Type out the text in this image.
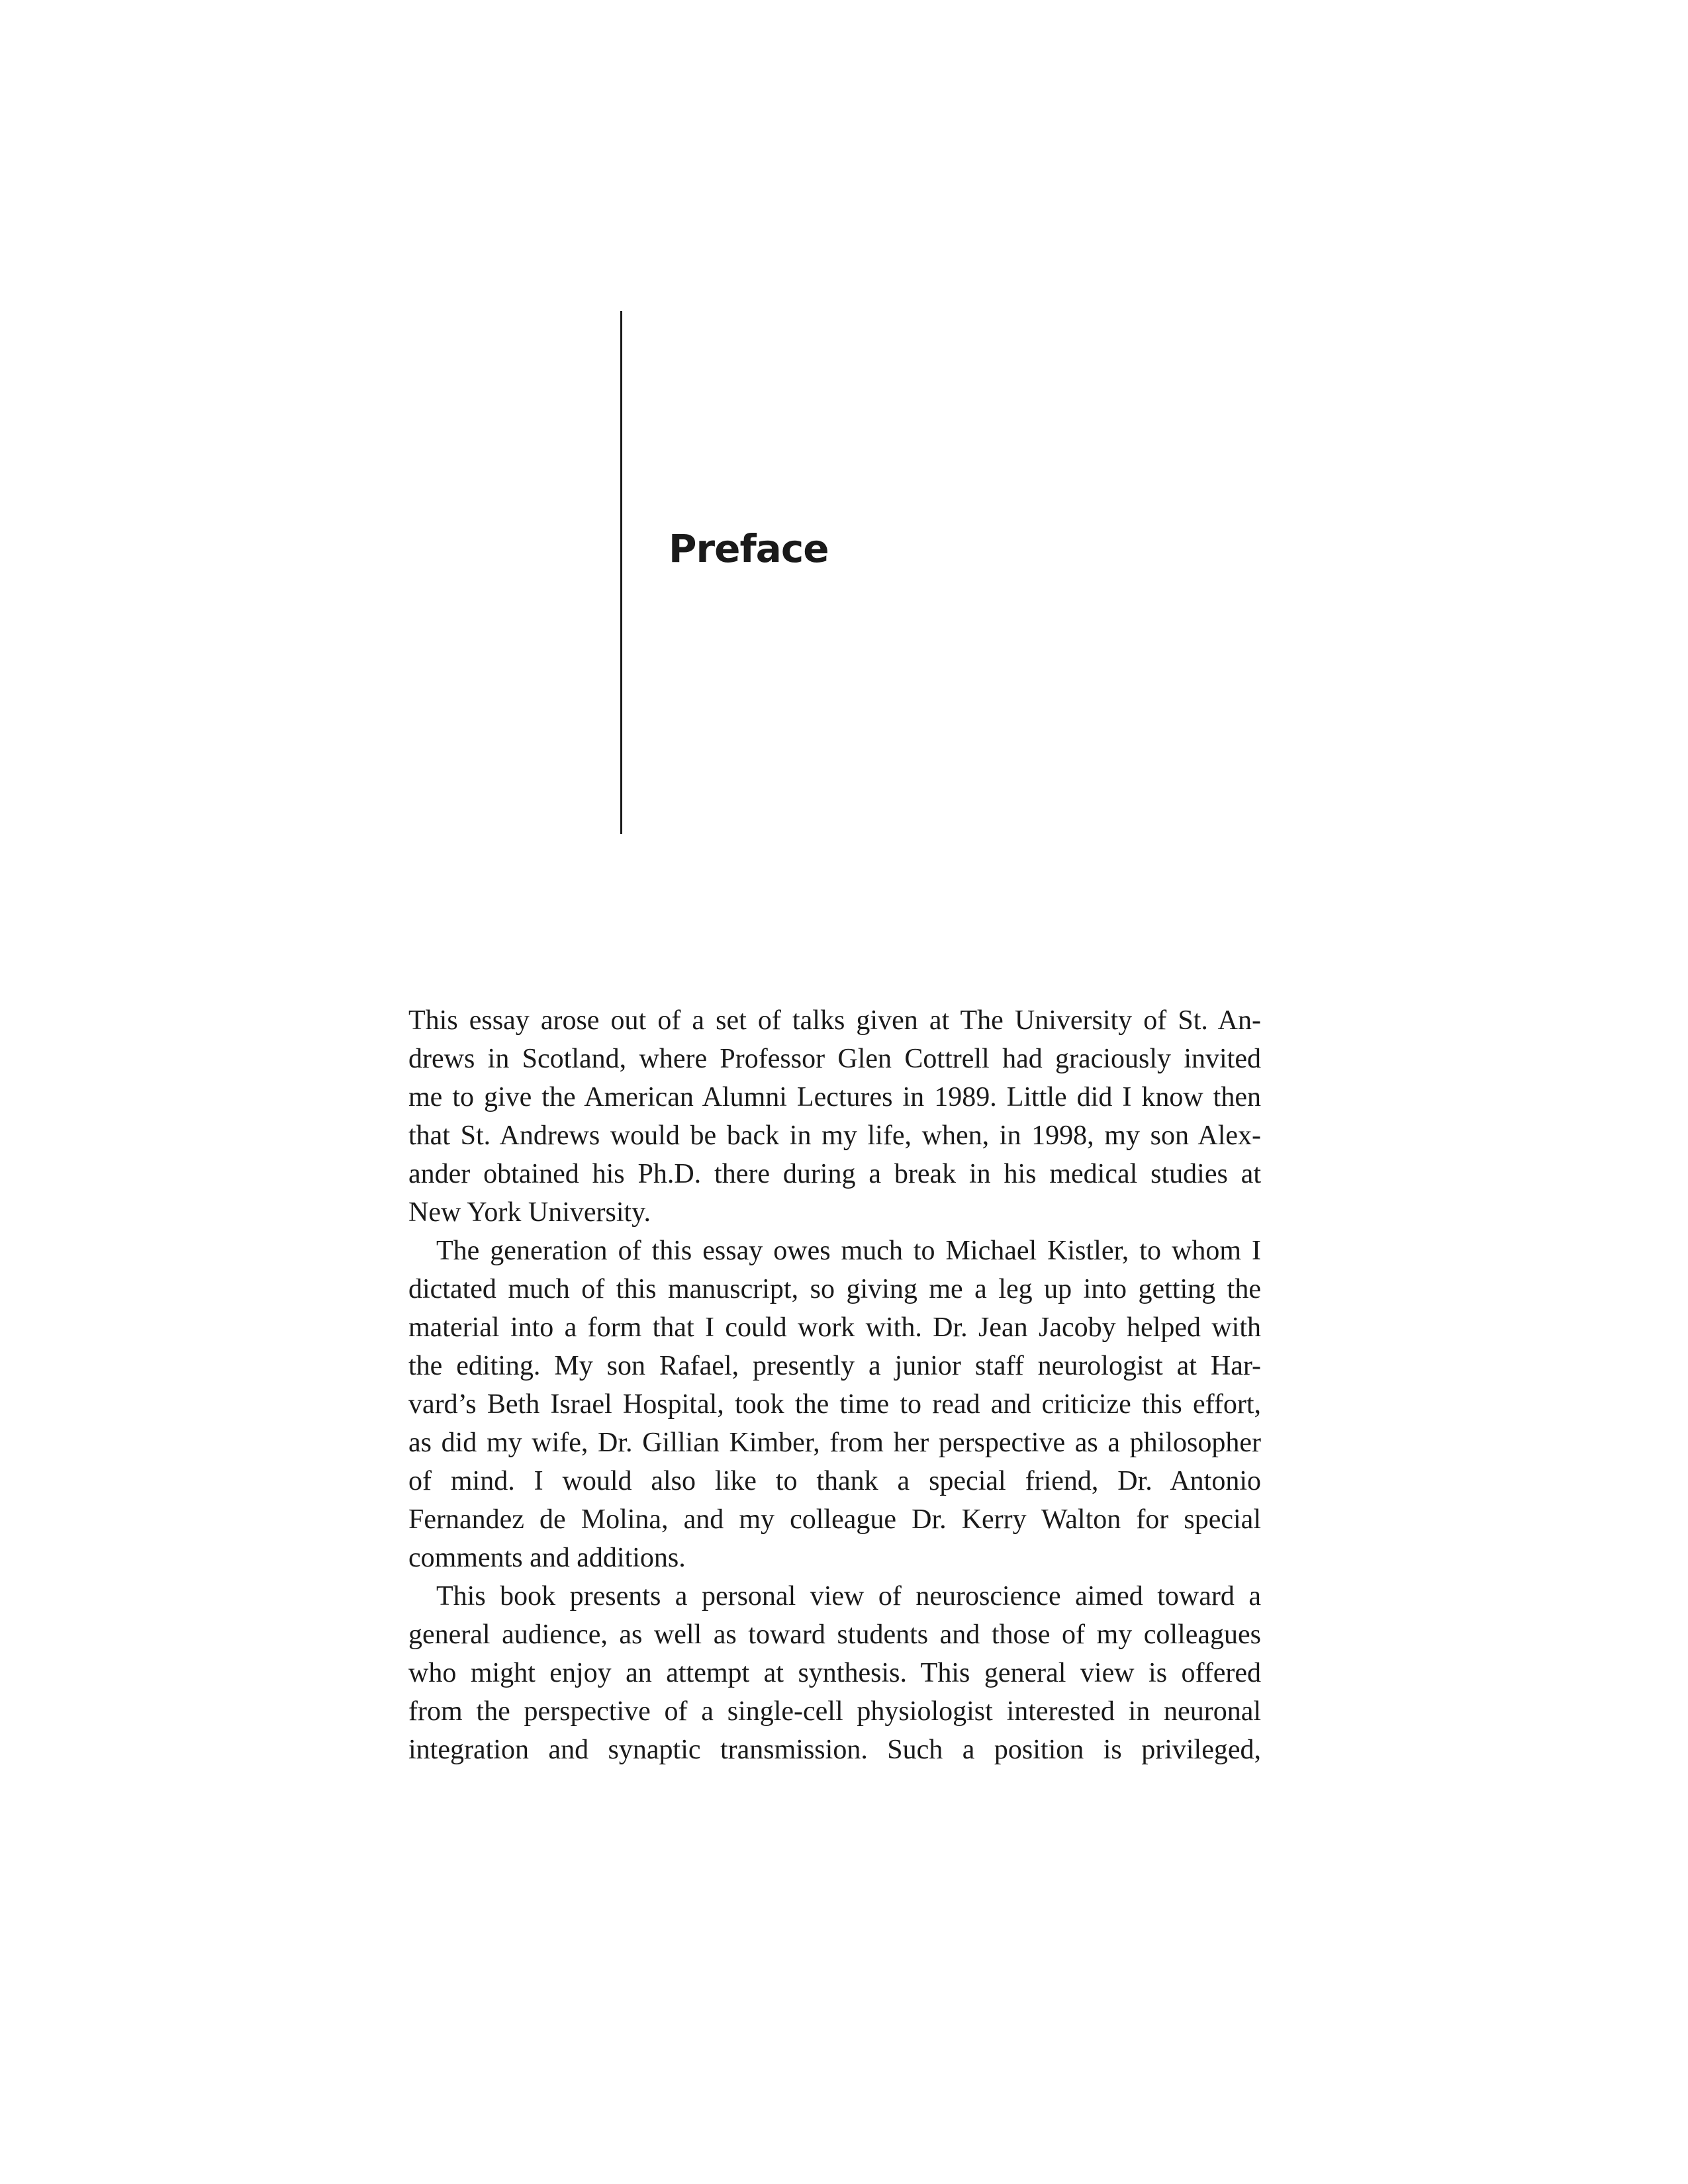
Preface
This essay arose out of a set of talks given at The University of St. An-
drews in Scotland, where Professor Glen Cottrell had graciously invited
me to give the American Alumni Lectures in 1989. Little did I know then
that St. Andrews would be back in my life, when, in 1998, my son Alex-
ander obtained his Ph.D. there during a break in his medical studies at
New York University.
The generation of this essay owes much to Michael Kistler, to whom I
dictated much of this manuscript, so giving me a leg up into getting the
material into a form that I could work with. Dr. Jean Jacoby helped with
the editing. My son Rafael, presently a junior staff neurologist at Har-
vard’s Beth Israel Hospital, took the time to read and criticize this effort,
as did my wife, Dr. Gillian Kimber, from her perspective as a philosopher
of mind. I would also like to thank a special friend, Dr. Antonio
Fernandez de Molina, and my colleague Dr. Kerry Walton for special
comments and additions.
This book presents a personal view of neuroscience aimed toward a
general audience, as well as toward students and those of my colleagues
who might enjoy an attempt at synthesis. This general view is offered
from the perspective of a single-cell physiologist interested in neuronal
integration and synaptic transmission. Such a position is privileged,
